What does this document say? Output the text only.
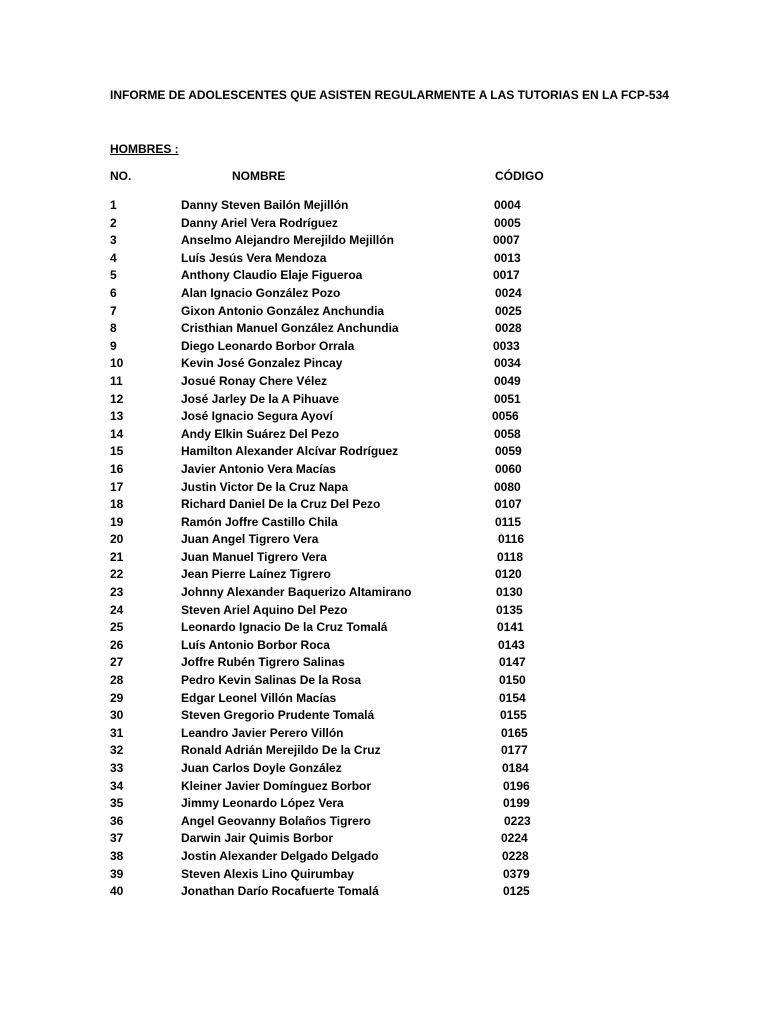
INFORME DE ADOLESCENTES QUE ASISTEN REGULARMENTE A LAS TUTORIAS EN LA FCP-534
HOMBRES :
NO.	NOMBRE	CÓDIGO
1	Danny Steven Bailón Mejillón	0004
2	Danny Ariel Vera Rodríguez	0005
3	Anselmo Alejandro Merejildo Mejillón	0007
4	Luís Jesús Vera Mendoza	0013
5	Anthony Claudio Elaje Figueroa	0017
6	Alan Ignacio González Pozo	0024
7	Gixon Antonio González Anchundia	0025
8	Cristhian Manuel González Anchundia	0028
9	Diego Leonardo Borbor Orrala	0033
10	Kevin José Gonzalez Pincay	0034
11	Josué Ronay Chere Vélez	0049
12	José Jarley De la A Pihuave	0051
13	José Ignacio Segura Ayoví	0056
14	Andy Elkin Suárez Del Pezo	0058
15	Hamilton Alexander Alcívar Rodríguez	0059
16	Javier Antonio Vera Macías	0060
17	Justin Victor De la Cruz Napa	0080
18	Richard Daniel De la Cruz Del Pezo	0107
19	Ramón Joffre Castillo Chila	0115
20	Juan Angel Tigrero Vera	0116
21	Juan Manuel Tigrero Vera	0118
22	Jean Pierre Laínez Tigrero	0120
23	Johnny Alexander Baquerizo Altamirano	0130
24	Steven Ariel Aquino Del Pezo	0135
25	Leonardo Ignacio De la Cruz Tomalá	0141
26	Luís Antonio Borbor Roca	0143
27	Joffre Rubén Tigrero Salinas	0147
28	Pedro Kevin Salinas De la Rosa	0150
29	Edgar Leonel Villón Macías	0154
30	Steven Gregorio Prudente Tomalá	0155
31	Leandro Javier Perero Villón	0165
32	Ronald Adrián Merejildo De la Cruz	0177
33	Juan Carlos Doyle González	0184
34	Kleiner Javier Domínguez Borbor	0196
35	Jimmy Leonardo López Vera	0199
36	Angel Geovanny Bolaños Tigrero	0223
37	Darwin Jair Quimis Borbor	0224
38	Jostin Alexander Delgado Delgado	0228
39	Steven Alexis Lino Quirumbay	0379
40	Jonathan Darío Rocafuerte Tomalá	0125
